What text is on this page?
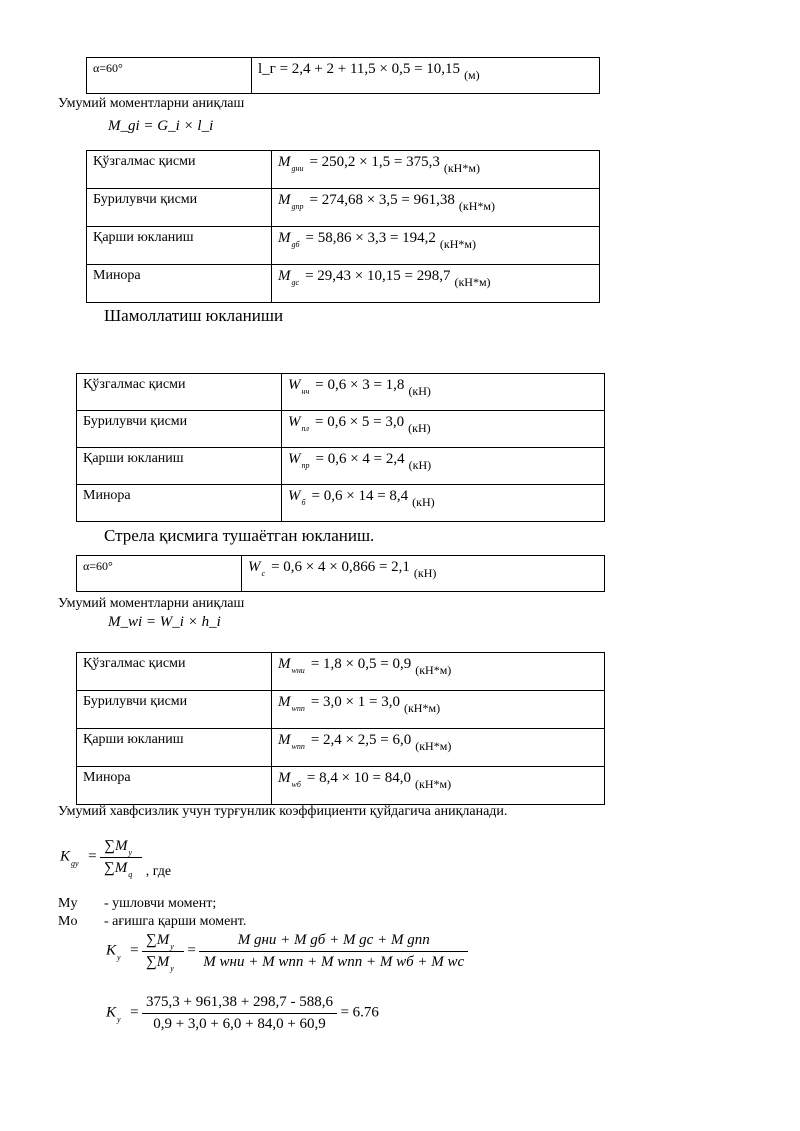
α=60°	l_г = 2,4 + 2 + 11,5 × 0,5 = 10,15 (м)
Умумий моментларни аниқлаш
M_gi = G_i × l_i
Қўзгалмас қисми	$M_{gни} = 250,2 \times 1,5 = 375,3$ (кН*м)
Бурилувчи қисми	$M_{gпр} = 274,68 \times 3,5 = 961,38$ (кН*м)
Қарши юкланиш	$M_{gб} = 58,86 \times 3,3 = 194,2$ (кН*м)
Минора	$M_{gc} = 29,43 \times 10,15 = 298,7$ (кН*м)
Шамоллатиш юкланиши
Қўзгалмас қисми	$W_{нч} = 0,6 \times 3 = 1,8$ (кН)
Бурилувчи қисми	$W_{пл} = 0,6 \times 5 = 3,0$ (кН)
Қарши юкланиш	$W_{пр} = 0,6 \times 4 = 2,4$ (кН)
Минора	$W_б = 0,6 \times 14 = 8,4$ (кН)
Стрела қисмига тушаётган юкланиш.
α=60°	$W_с = 0,6 \times 4 \times 0,866 = 2,1$ (кН)
Умумий моментларни аниқлаш
M_wi = W_i × h_i
Қўзгалмас қисми	$M_{wни} = 1,8 \times 0,5 = 0,9$ (кН*м)
Бурилувчи қисми	$M_{wпп} = 3,0 \times 1 = 3,0$ (кН*м)
Қарши юкланиш	$M_{wпп} = 2,4 \times 2,5 = 6,0$ (кН*м)
Минора	$M_{wб} = 8,4 \times 10 = 84,0$ (кН*м)
Умумий хавфсизлик учун турғунлик коэффициенти қуйдагича аниқланади.
$K_{gy} = \frac{\sum M_y}{\sum M_q}$ , где
My - ушловчи момент;
Mo - ағишга қарши момент.
$K_y = \frac{\sum M_y}{\sum M_y} = \frac{\text{M gни + M gб + M gс + M gпп}}{\text{M wни + M wпп + M wпп + M wб + M wс}}$
$K_y = \frac{375,3 + 961,38 + 298,7 - 588,6}{0,9 + 3,0 + 6,0 + 84,0 + 60,9} = 6.76$
